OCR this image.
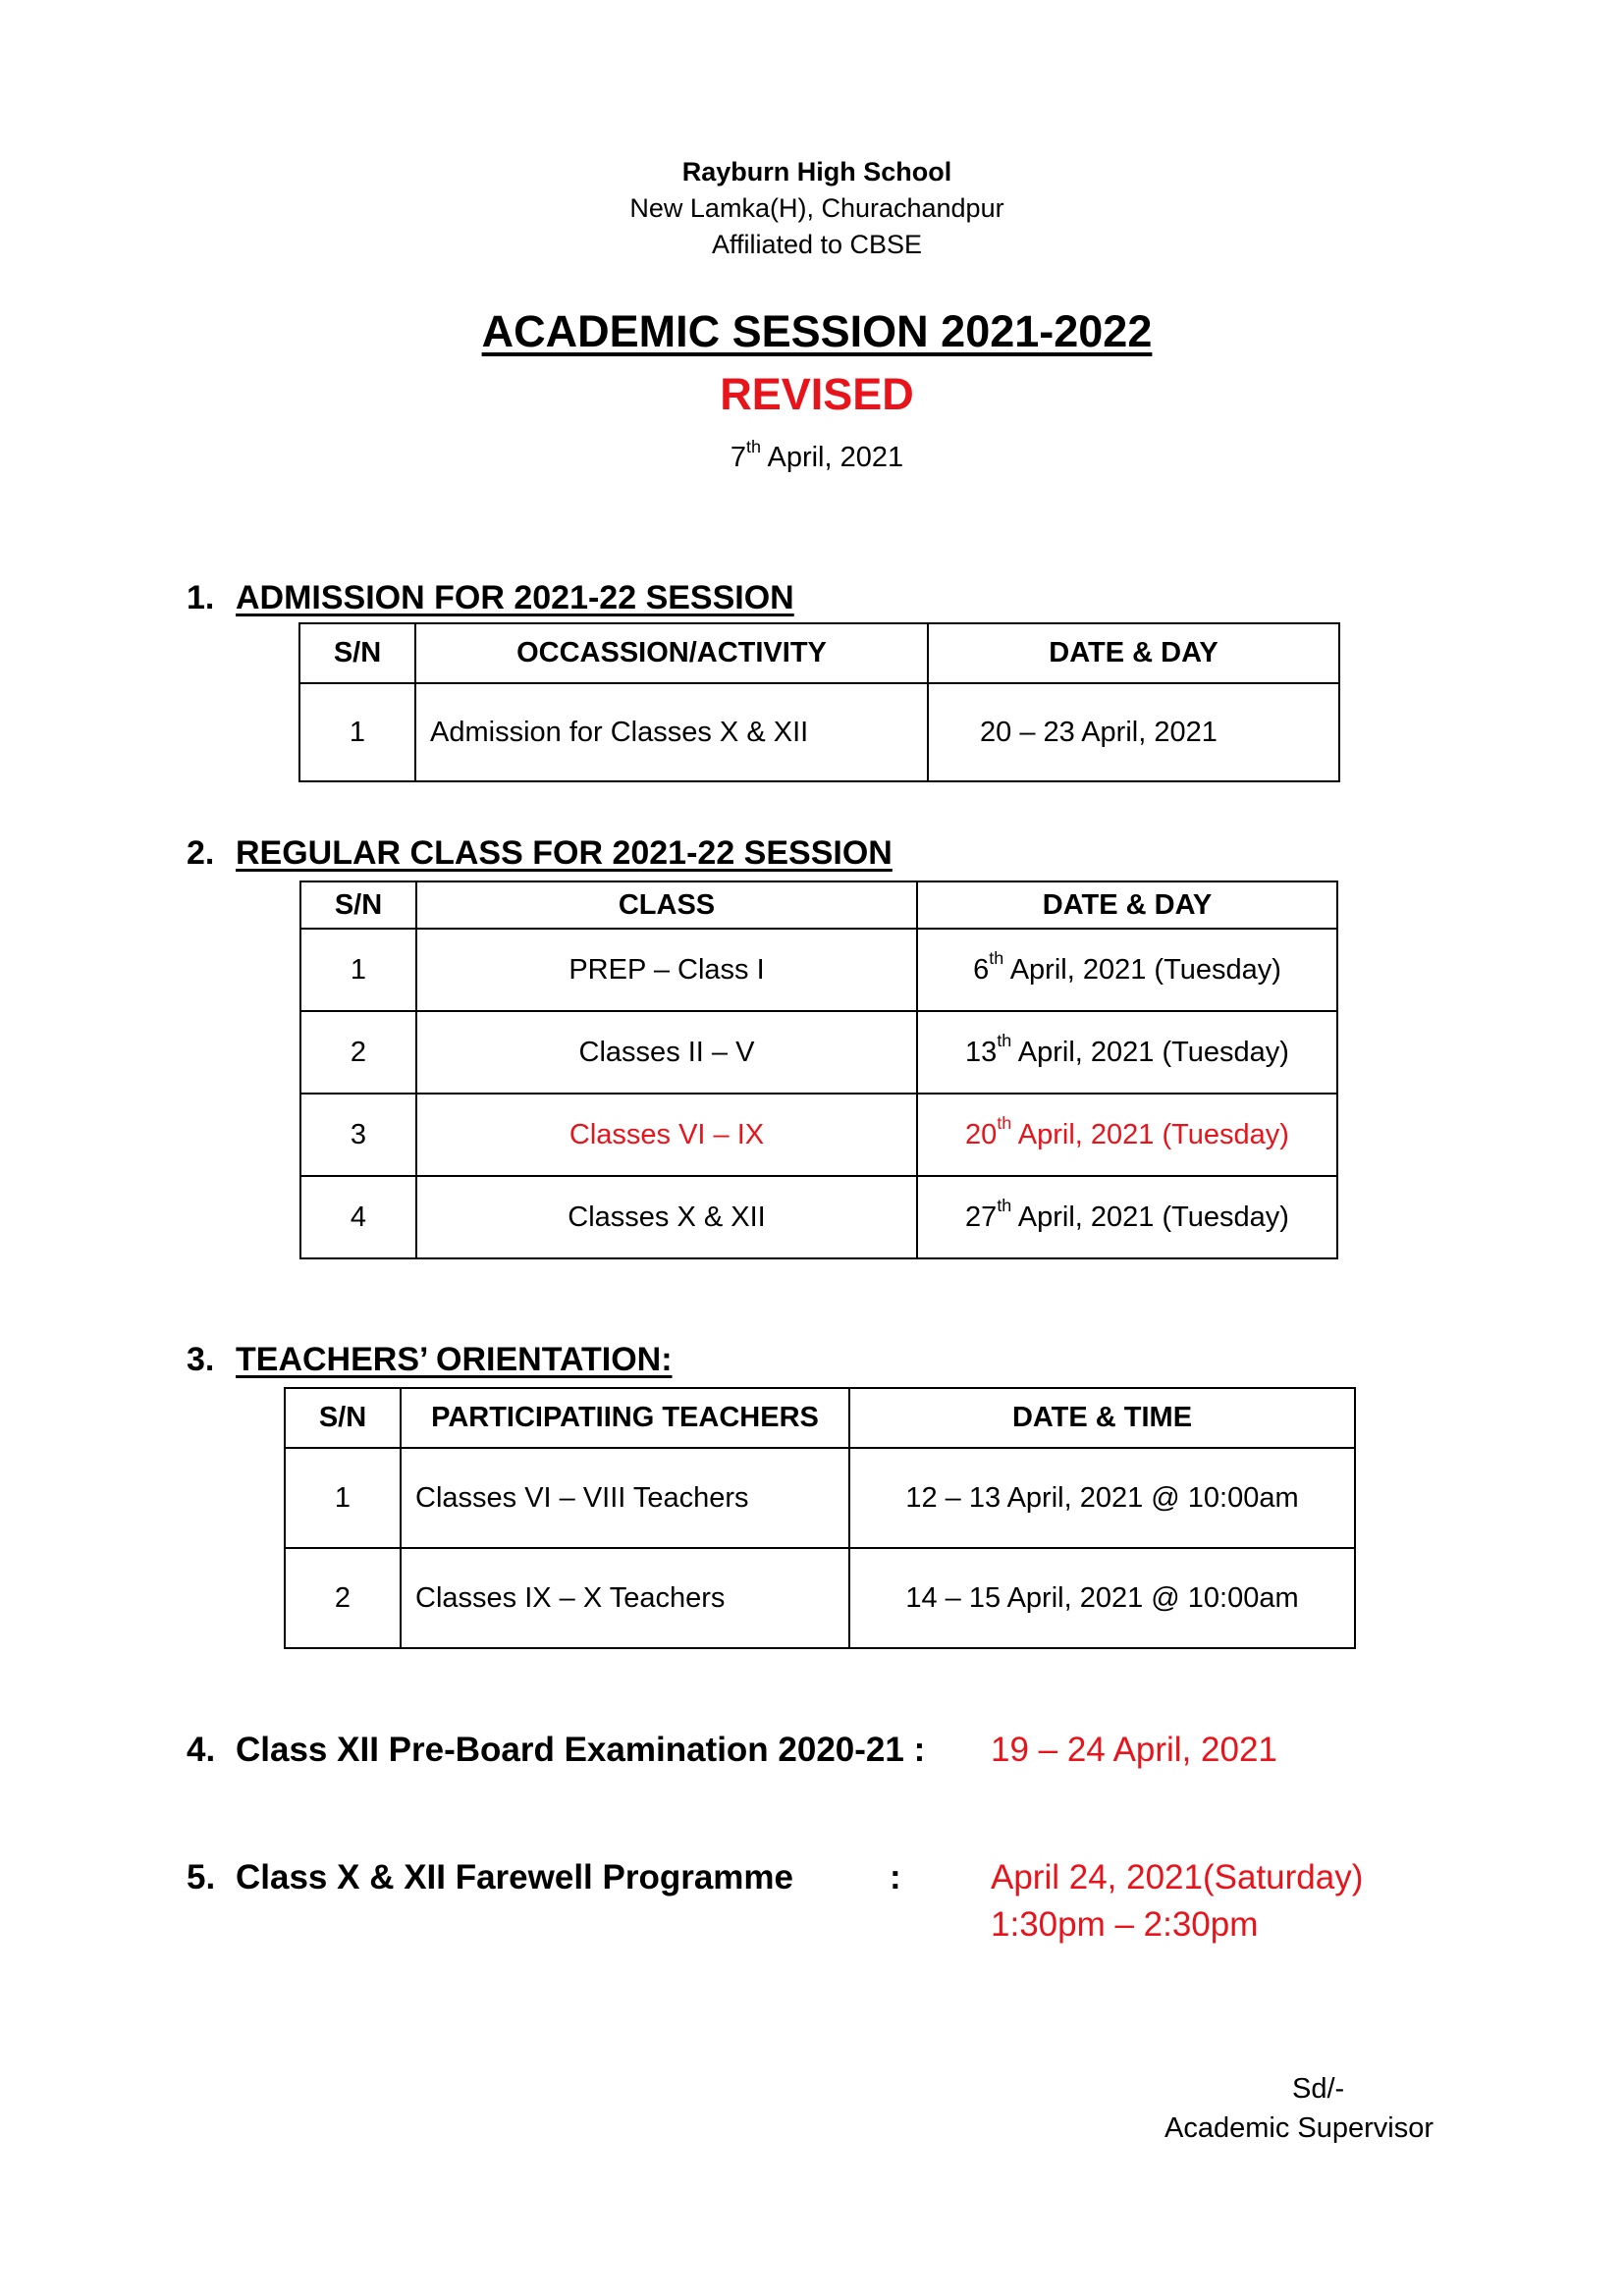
Rayburn High School
New Lamka(H), Churachandpur
Affiliated to CBSE
ACADEMIC SESSION 2021-2022
REVISED
7th April, 2021
1. ADMISSION FOR 2021-22 SESSION
S/N	OCCASSION/ACTIVITY	DATE & DAY
1	Admission for Classes X & XII	20 – 23 April, 2021
2. REGULAR CLASS FOR 2021-22 SESSION
S/N	CLASS	DATE & DAY
1	PREP – Class I	6th April, 2021 (Tuesday)
2	Classes II – V	13th April, 2021 (Tuesday)
3	Classes VI – IX	20th April, 2021 (Tuesday)
4	Classes X & XII	27th April, 2021 (Tuesday)
3. TEACHERS’ ORIENTATION:
S/N	PARTICIPATIING TEACHERS	DATE & TIME
1	Classes VI – VIII Teachers	12 – 13 April, 2021 @ 10:00am
2	Classes IX – X Teachers	14 – 15 April, 2021 @ 10:00am
4. Class XII Pre-Board Examination 2020-21 : 19 – 24 April, 2021
5. Class X & XII Farewell Programme	:	April 24, 2021(Saturday)
1:30pm – 2:30pm
Sd/-
Academic Supervisor
